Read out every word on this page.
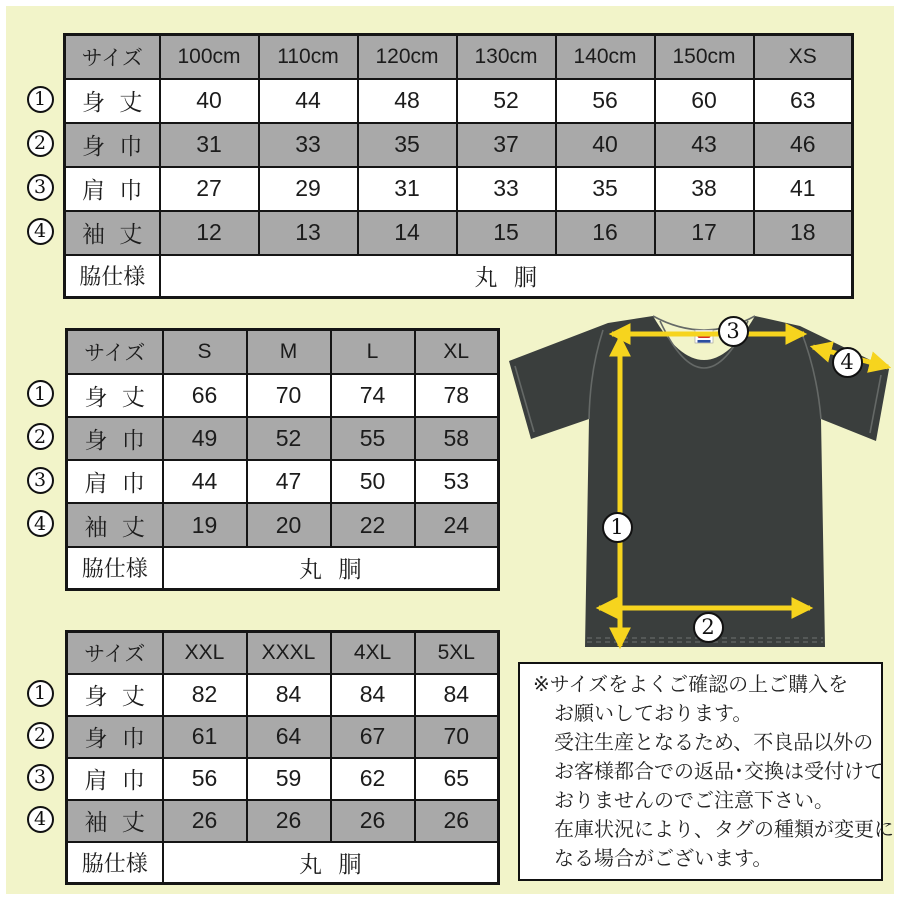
サイズ	100cm	110cm	120cm	130cm	140cm	150cm	XS
身 丈	40	44	48	52	56	60	63
身 巾	31	33	35	37	40	43	46
肩 巾	27	29	31	33	35	38	41
袖 丈	12	13	14	15	16	17	18
脇仕様	丸 胴						
サイズ	S	M	L	XL
身 丈	66	70	74	78
身 巾	49	52	55	58
肩 巾	44	47	50	53
袖 丈	19	20	22	24
脇仕様	丸 胴			
サイズ	XXL	XXXL	4XL	5XL
身 丈	82	84	84	84
身 巾	61	64	67	70
肩 巾	56	59	62	65
袖 丈	26	26	26	26
脇仕様	丸 胴			
1
2
3
4
※サイズをよくご確認の上ご購入を
お願いしております。
受注生産となるため、不良品以外の
お客様都合での返品･交換は受付けて
おりませんのでご注意下さい。
在庫状況により、タグの種類が変更に
なる場合がございます。
1
2
3
4
1
2
3
4
1
2
3
4
